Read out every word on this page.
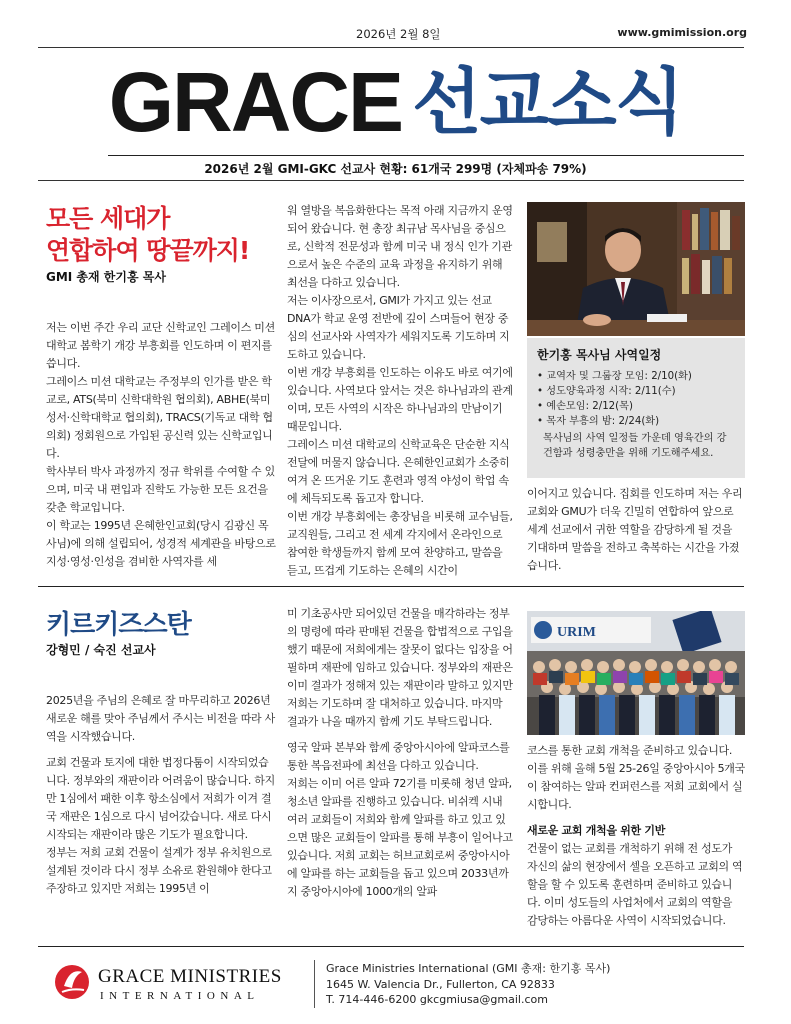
2026년 2월 8일	www.gmimission.org
GRACE 선교소식
2026년 2월 GMI-GKC 선교사 현황: 61개국 299명 (자체파송 79%)
모든 세대가
연합하여 땅끝까지!
GMI 총재 한기홍 목사

저는 이번 주간 우리 교단 신학교인 그레이스 미션 대학교 봄학기 개강 부흥회를 인도하며 이 편지를 씁니다.

그레이스 미션 대학교는 주정부의 인가를 받은 학교로, ATS(북미 신학대학원 협의회), ABHE(북미 성서·신학대학교 협의회), TRACS(기독교 대학 협의회) 정회원으로 가입된 공신력 있는 신학교입니다.

학사부터 박사 과정까지 정규 학위를 수여할 수 있으며, 미국 내 편입과 진학도 가능한 모든 요건을 갖춘 학교입니다.

이 학교는 1995년 은혜한인교회(당시 김광신 목사님)에 의해 설립되어, 성경적 세계관을 바탕으로 지성·영성·인성을 겸비한 사역자를 세

워 열방을 복음화한다는 목적 아래 지금까지 운영되어 왔습니다. 현 총장 최규남 목사님을 중심으로, 신학적 전문성과 함께 미국 내 정식 인가 기관으로서 높은 수준의 교육 과정을 유지하기 위해 최선을 다하고 있습니다.

저는 이사장으로서, GMI가 가지고 있는 선교 DNA가 학교 운영 전반에 깊이 스며들어 현장 중심의 선교사와 사역자가 세워지도록 기도하며 지도하고 있습니다.

이번 개강 부흥회를 인도하는 이유도 바로 여기에 있습니다. 사역보다 앞서는 것은 하나님과의 관계이며, 모든 사역의 시작은 하나님과의 만남이기 때문입니다.

그레이스 미션 대학교의 신학교육은 단순한 지식 전달에 머물지 않습니다. 은혜한인교회가 소중히 여겨 온 뜨거운 기도 훈련과 영적 야성이 학업 속에 체득되도록 돕고자 합니다.

이번 개강 부흥회에는 총장님을 비롯해 교수님들, 교직원들, 그리고 전 세계 각지에서 온라인으로 참여한 학생들까지 함께 모여 찬양하고, 말씀을 듣고, 뜨겁게 기도하는 은혜의 시간이

한기홍 목사님 사역일정
• 교역자 및 그룹장 모임: 2/10(화)
• 성도양육과정 시작: 2/11(수)
• 예손모임: 2/12(목)
• 목자 부흥의 밤: 2/24(화)
목사님의 사역 일정들 가운데 영육간의 강건함과 성령충만을 위해 기도해주세요.

이어지고 있습니다. 집회를 인도하며 저는 우리 교회와 GMU가 더욱 긴밀히 연합하여 앞으로 세계 선교에서 귀한 역할을 감당하게 될 것을 기대하며 말씀을 전하고 축복하는 시간을 가졌습니다.

키르키즈스탄
강형민 / 숙진 선교사

2025년을 주님의 은혜로 잘 마무리하고 2026년 새로운 해를 맞아 주님께서 주시는 비전을 따라 사역을 시작했습니다.

교회 건물과 토지에 대한 법정다툼이 시작되었습니다. 정부와의 재판이라 어려움이 많습니다. 하지만 1심에서 패한 이후 항소심에서 저희가 이겨 결국 재판은 1심으로 다시 넘어갔습니다. 새로 다시 시작되는 재판이라 많은 기도가 필요합니다.

정부는 저희 교회 건물이 설계가 정부 유치원으로 설계된 것이라 다시 정부 소유로 환원해야 한다고 주장하고 있지만 저희는 1995년 이

미 기초공사만 되어있던 건물을 매각하라는 정부의 명령에 따라 판매된 건물을 합법적으로 구입을 했기 때문에 저희에게는 잘못이 없다는 입장을 어필하며 재판에 임하고 있습니다. 정부와의 재판은 이미 결과가 정해져 있는 재판이라 말하고 있지만 저희는 기도하며 잘 대처하고 있습니다. 마지막 결과가 나올 때까지 함께 기도 부탁드립니다.

영국 알파 본부와 함께 중앙아시아에 알파코스를 통한 복음전파에 최선을 다하고 있습니다.

저희는 이미 어른 알파 72기를 미롯해 청년 알파, 청소년 알파를 진행하고 있습니다. 비쉬켁 시내 여러 교회들이 저희와 함께 알파를 하고 있고 있으면 많은 교회들이 알파를 통해 부흥이 일어나고 있습니다. 저희 교회는 허브교회로써 중앙아시아에 알파를 하는 교회들을 돕고 있으며 2033년까지 중앙아시아에 1000개의 알파

URIM

코스를 통한 교회 개척을 준비하고 있습니다. 이를 위해 올해 5월 25-26일 중앙아시아 5개국이 참여하는 알파 컨퍼런스를 저희 교회에서 실시합니다.

새로운 교회 개척을 위한 기반

건물이 없는 교회를 개척하기 위해 전 성도가 자신의 삶의 현장에서 셀을 오픈하고 교회의 역할을 할 수 있도록 훈련하며 준비하고 있습니다. 이미 성도들의 사업처에서 교회의 역할을 감당하는 아름다운 사역이 시작되었습니다.

GRACE MINISTRIES
INTERNATIONAL
Grace Ministries International (GMI 총재: 한기홍 목사)
1645 W. Valencia Dr., Fullerton, CA 92833
T. 714-446-6200 gkcgmiusa@gmail.com
